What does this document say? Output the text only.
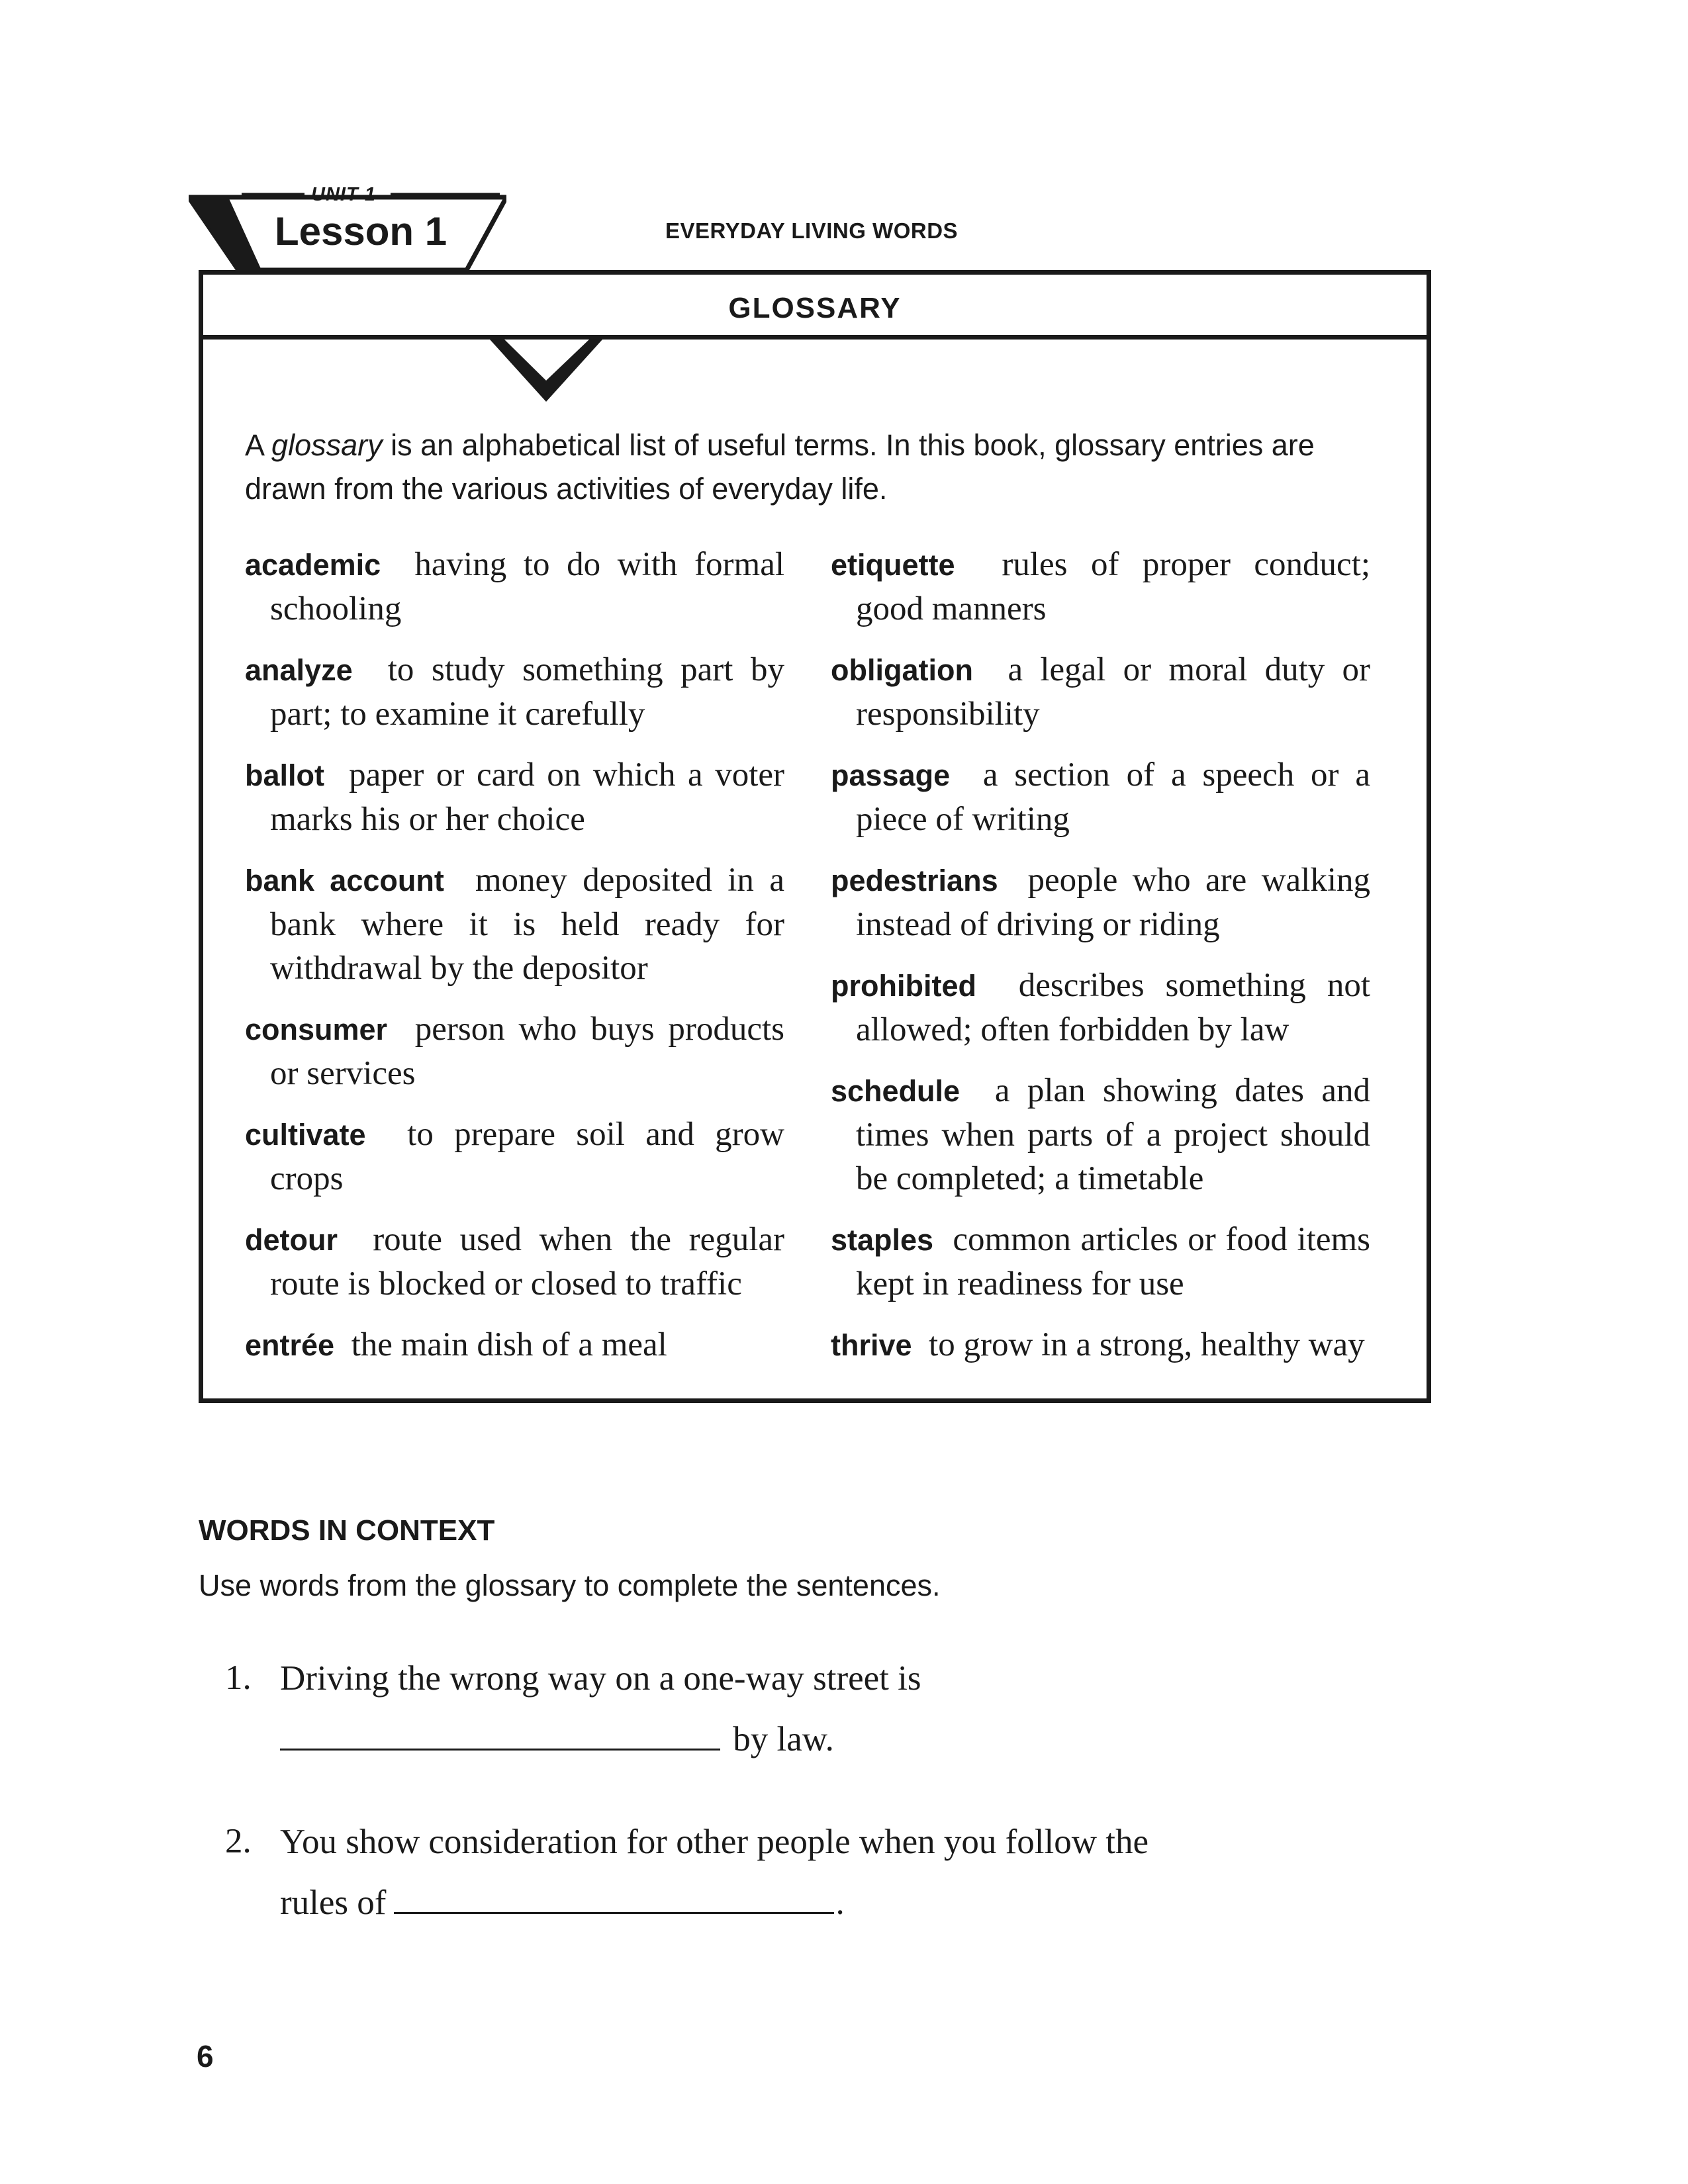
UNIT 1
Lesson 1	EVERYDAY LIVING WORDS
GLOSSARY
A glossary is an alphabetical list of useful terms. In this book, glossary entries are drawn from the various activities of everyday life.

academic having to do with formal schooling

analyze to study something part by part; to examine it carefully

ballot paper or card on which a voter marks his or her choice

bank account money deposited in a bank where it is held ready for withdrawal by the depositor

consumer person who buys products or services

cultivate to prepare soil and grow crops

detour route used when the regular route is blocked or closed to traffic

entrée the main dish of a meal

etiquette rules of proper conduct; good manners

obligation a legal or moral duty or responsibility

passage a section of a speech or a piece of writing

pedestrians people who are walking instead of driving or riding

prohibited describes something not allowed; often forbidden by law

schedule a plan showing dates and times when parts of a project should be completed; a timetable

staples common articles or food items kept in readiness for use

thrive to grow in a strong, healthy way

WORDS IN CONTEXT
Use words from the glossary to complete the sentences.
1. Driving the wrong way on a one-way street is
by law.
2. You show consideration for other people when you follow the
rules of	.
6
